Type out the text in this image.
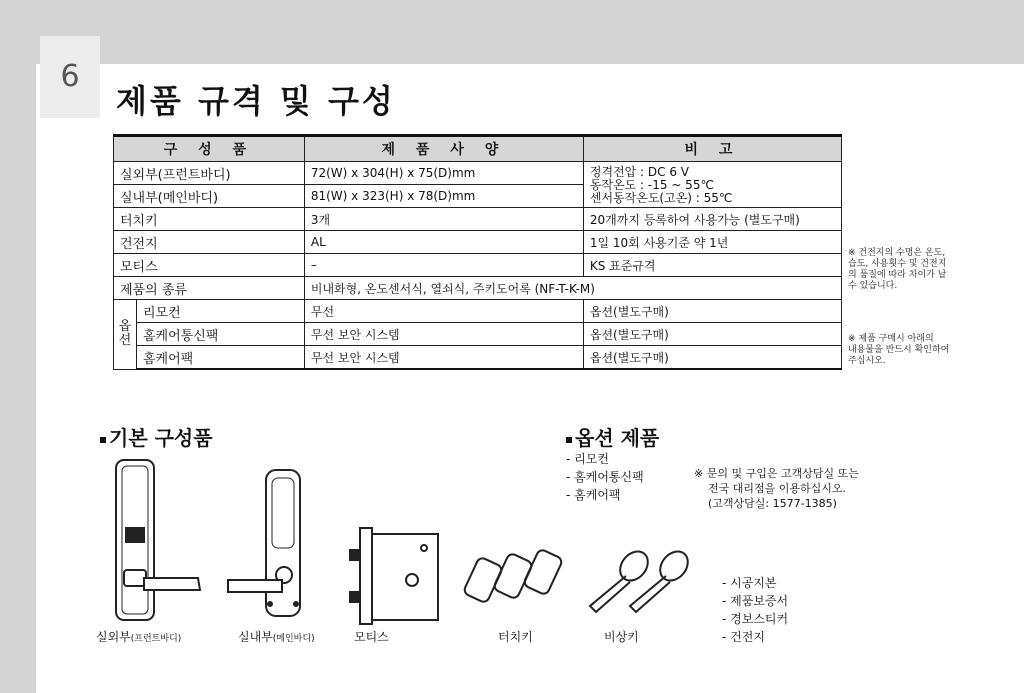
6
제품 규격 및 구성
구 성 품		제 품 사 양	비 고
실외부(프런트바디)		72(W) x 304(H) x 75(D)mm	정격전압 : DC 6 V
동작온도 : -15 ~ 55℃
센서동작온도(고온) : 55℃

실내부(메인바디)		81(W) x 323(H) x 78(D)mm	
터치키		3개	20개까지 등록하여 사용가능 (별도구매)
건전지		AL	1일 10회 사용기준 약 1년
모티스		–	KS 표준규격
제품의 종류		비내화형, 온도센서식, 열쇠식, 주키도어록 (NF-T-K-M)	

옵
션	리모컨	무선	옵션(별도구매)
	홈케어통신팩	무선 보안 시스템	옵션(별도구매)
	홈케어팩	무선 보안 시스템	옵션(별도구매)
※ 건전지의 수명은 온도,
습도, 사용횟수 및 건전지
의 품질에 따라 차이가 날
수 있습니다.
※ 제품 구매시 아래의
내용물을 반드시 확인하여
주십시오.
기본 구성품	옵션 제품
- 리모컨
- 홈케어통신팩
- 홈케어팩
※ 문의 및 구입은 고객상담실 또는
전국 대리점을 이용하십시오.
(고객상담실: 1577-1385)
- 시공지본
- 제품보증서
- 경보스티커
- 건전지
실외부(프런트바디)	실내부(메인바디)	모티스	터치키	비상키
